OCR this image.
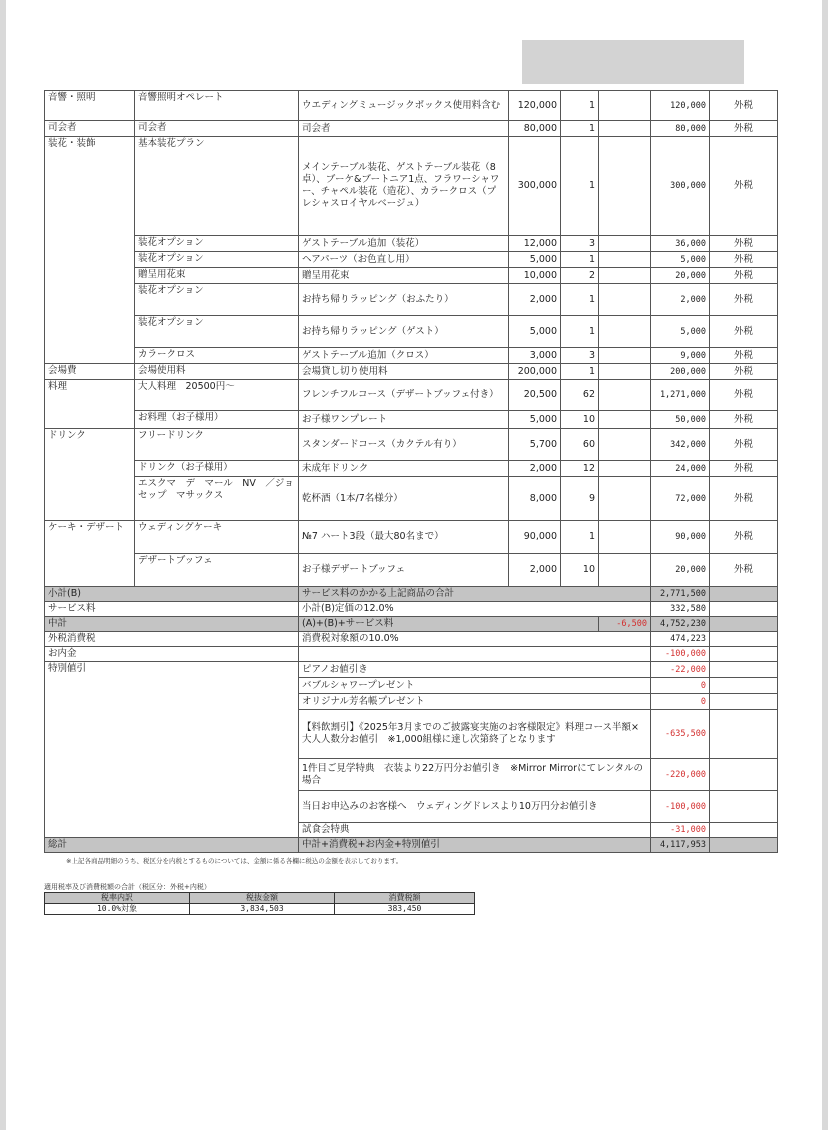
音響・照明	音響照明オペレート	ウエディングミュージックボックス使用料含む	120,000	1		120,000	外税
司会者	司会者	司会者	80,000	1		80,000	外税
装花・装飾	基本装花プラン	メインテーブル装花、ゲストテーブル装花（8卓）、ブーケ&ブートニア1点、フラワーシャワー、チャペル装花（造花）、カラークロス（プレシャスロイヤルベージュ）	300,000	1		300,000	外税
	装花オプション	ゲストテーブル追加（装花）	12,000	3		36,000	外税
	装花オプション	ヘアパーツ（お色直し用）	5,000	1		5,000	外税
	贈呈用花束	贈呈用花束	10,000	2		20,000	外税
	装花オプション	お持ち帰りラッピング（おふたり）	2,000	1		2,000	外税
	装花オプション	お持ち帰りラッピング（ゲスト）	5,000	1		5,000	外税
	カラークロス	ゲストテーブル追加（クロス）	3,000	3		9,000	外税
会場費	会場使用料	会場貸し切り使用料	200,000	1		200,000	外税
料理	大人料理　20500円〜	フレンチフルコース（デザートブッフェ付き）	20,500	62		1,271,000	外税
	お料理（お子様用）	お子様ワンプレート	5,000	10		50,000	外税
ドリンク	フリードリンク	スタンダードコース（カクテル有り）	5,700	60		342,000	外税
	ドリンク（お子様用）	未成年ドリンク	2,000	12		24,000	外税
	エスクマ　デ　マール　NV　／ジョセップ　マサックス	乾杯酒（1本/7名様分）	8,000	9		72,000	外税
ケーキ・デザート	ウェディングケーキ	№7 ハート3段（最大80名まで）	90,000	1		90,000	外税
	デザートブッフェ	お子様デザートブッフェ	2,000	10		20,000	外税
小計(B)		サービス料のかかる上記商品の合計				2,771,500	
サービス料		小計(B)定価の12.0%				332,580	
中計		(A)+(B)+サービス料			-6,500	4,752,230	
外税消費税		消費税対象額の10.0%				474,223	
お内金						-100,000	
特別値引		ピアノお値引き				-22,000	
		バブルシャワープレゼント				0	
		オリジナル芳名帳プレゼント				0	
		【料飲割引】《2025年3月までのご披露宴実施のお客様限定》料理コース半額×大人人数分お値引　※1,000組様に達し次第終了となります				-635,500	
		1件目ご見学特典　衣装より22万円分お値引き　※Mirror Mirrorにてレンタルの場合				-220,000	
		当日お申込みのお客様へ　ウェディングドレスより10万円分お値引き				-100,000	
		試食会特典				-31,000	
総計		中計+消費税+お内金+特別値引				4,117,953	
※上記各商品明細のうち、税区分を内税とするものについては、金額に係る各欄に税込の金額を表示しております。
適用税率及び消費税額の合計（税区分：外税+内税）
税率内訳	税抜金額	消費税額
10.0%対象	3,834,503	383,450
